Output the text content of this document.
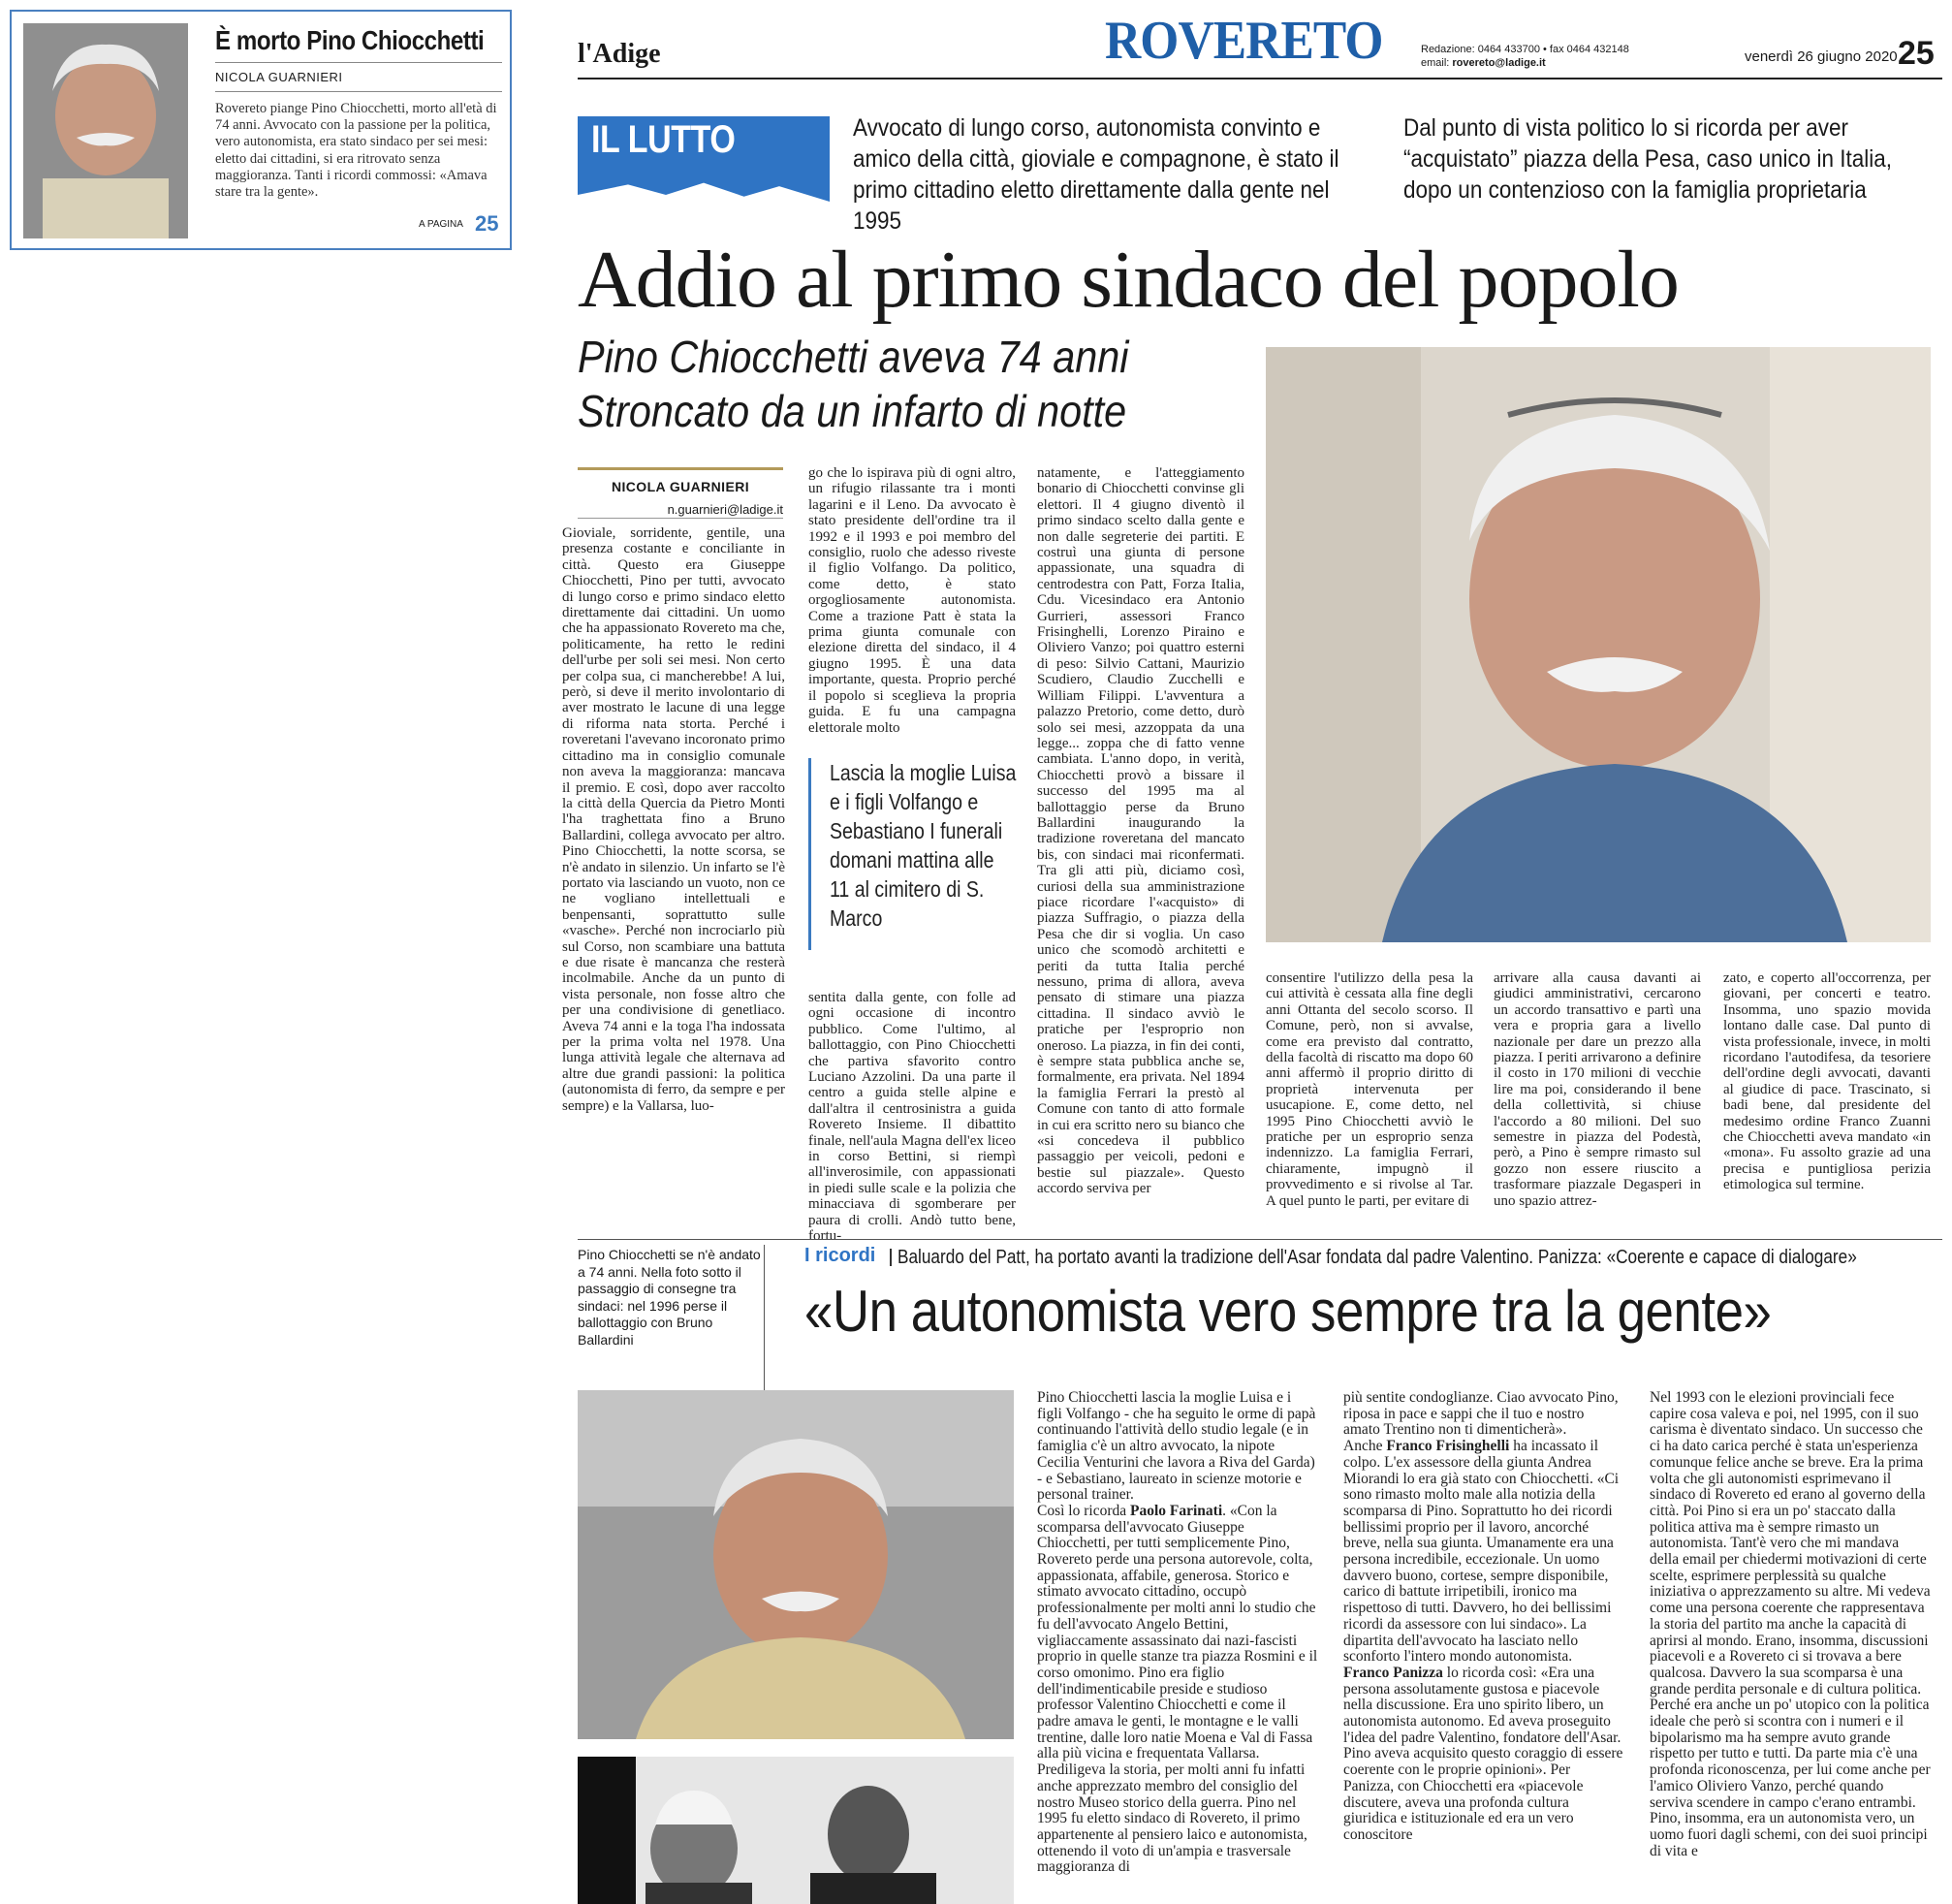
È morto Pino Chiocchetti
NICOLA GUARNIERI
Rovereto piange Pino Chiocchetti, morto all'età di 74 anni. Avvocato con la passione per la politica, vero autonomista, era stato sindaco per sei mesi: eletto dai cittadini, si era ritrovato senza maggioranza. Tanti i ricordi commossi: «Amava stare tra la gente».
A PAGINA 25
l'Adige	ROVERETO	Redazione: 0464 433700 • fax 0464 432148
email: rovereto@ladige.it	venerdì 26 giugno 2020 25
IL LUTTO	Avvocato di lungo corso, autonomista convinto e amico della città, gioviale e compagnone, è stato il primo cittadino eletto direttamente dalla gente nel 1995
Dal punto di vista politico lo si ricorda per aver “acquistato” piazza della Pesa, caso unico in Italia, dopo un contenzioso con la famiglia proprietaria
Addio al primo sindaco del popolo
Pino Chiocchetti aveva 74 anni
Stroncato da un infarto di notte
NICOLA GUARNIERI
n.guarnieri@ladige.it
Gioviale, sorridente, gentile, una presenza costante e conciliante in città. Questo era Giuseppe Chiocchetti, Pino per tutti, avvocato di lungo corso e primo sindaco eletto direttamente dai cittadini. Un uomo che ha appassionato Rovereto ma che, politicamente, ha retto le redini dell'urbe per soli sei mesi. Non certo per colpa sua, ci mancherebbe! A lui, però, si deve il merito involontario di aver mostrato le lacune di una legge di riforma nata storta. Perché i roveretani l'avevano incoronato primo cittadino ma in consiglio comunale non aveva la maggioranza: mancava il premio. E così, dopo aver raccolto la città della Quercia da Pietro Monti l'ha traghettata fino a Bruno Ballardini, collega avvocato per altro. Pino Chiocchetti, la notte scorsa, se n'è andato in silenzio. Un infarto se l'è portato via lasciando un vuoto, non ce ne vogliano intellettuali e benpensanti, soprattutto sulle «vasche». Perché non incrociarlo più sul Corso, non scambiare una battuta e due risate è mancanza che resterà incolmabile. Anche da un punto di vista personale, non fosse altro che per una condivisione di genetliaco. Aveva 74 anni e la toga l'ha indossata per la prima volta nel 1978. Una lunga attività legale che alternava ad altre due grandi passioni: la politica (autonomista di ferro, da sempre e per sempre) e la Vallarsa, luo-
go che lo ispirava più di ogni altro, un rifugio rilassante tra i monti lagarini e il Leno. Da avvocato è stato presidente dell'ordine tra il 1992 e il 1993 e poi membro del consiglio, ruolo che adesso riveste il figlio Volfango. Da politico, come detto, è stato orgogliosamente autonomista. Come a trazione Patt è stata la prima giunta comunale con elezione diretta del sindaco, il 4 giugno 1995. È una data importante, questa. Proprio perché il popolo si sceglieva la propria guida. E fu una campagna elettorale molto
Lascia la moglie Luisa e i figli Volfango e Sebastiano I funerali domani mattina alle 11 al cimitero di S. Marco
sentita dalla gente, con folle ad ogni occasione di incontro pubblico. Come l'ultimo, al ballottaggio, con Pino Chiocchetti che partiva sfavorito contro Luciano Azzolini. Da una parte il centro a guida stelle alpine e dall'altra il centrosinistra a guida Rovereto Insieme. Il dibattito finale, nell'aula Magna dell'ex liceo in corso Bettini, si riempì all'inverosimile, con appassionati in piedi sulle scale e la polizia che minacciava di sgomberare per paura di crolli. Andò tutto bene, fortu-
natamente, e l'atteggiamento bonario di Chiocchetti convinse gli elettori. Il 4 giugno diventò il primo sindaco scelto dalla gente e non dalle segreterie dei partiti. E costruì una giunta di persone appassionate, una squadra di centrodestra con Patt, Forza Italia, Cdu. Vicesindaco era Antonio Gurrieri, assessori Franco Frisinghelli, Lorenzo Piraino e Oliviero Vanzo; poi quattro esterni di peso: Silvio Cattani, Maurizio Scudiero, Claudio Zucchelli e William Filippi. L'avventura a palazzo Pretorio, come detto, durò solo sei mesi, azzoppata da una legge... zoppa che di fatto venne cambiata. L'anno dopo, in verità, Chiocchetti provò a bissare il successo del 1995 ma al ballottaggio perse da Bruno Ballardini inaugurando la tradizione roveretana del mancato bis, con sindaci mai riconfermati. Tra gli atti più, diciamo così, curiosi della sua amministrazione piace ricordare l'«acquisto» di piazza Suffragio, o piazza della Pesa che dir si voglia. Un caso unico che scomodò architetti e periti da tutta Italia perché nessuno, prima di allora, aveva pensato di stimare una piazza cittadina. Il sindaco avviò le pratiche per l'esproprio non oneroso. La piazza, in fin dei conti, è sempre stata pubblica anche se, formalmente, era privata. Nel 1894 la famiglia Ferrari la prestò al Comune con tanto di atto formale in cui era scritto nero su bianco che «si concedeva il pubblico passaggio per veicoli, pedoni e bestie sul piazzale». Questo accordo serviva per
consentire l'utilizzo della pesa la cui attività è cessata alla fine degli anni Ottanta del secolo scorso. Il Comune, però, non si avvalse, come era previsto dal contratto, della facoltà di riscatto ma dopo 60 anni affermò il proprio diritto di proprietà intervenuta per usucapione. E, come detto, nel 1995 Pino Chiocchetti avviò le pratiche per un esproprio senza indennizzo. La famiglia Ferrari, chiaramente, impugnò il provvedimento e si rivolse al Tar. A quel punto le parti, per evitare di
arrivare alla causa davanti ai giudici amministrativi, cercarono un accordo transattivo e partì una vera e propria gara a livello nazionale per dare un prezzo alla piazza. I periti arrivarono a definire il costo in 170 milioni di vecchie lire ma poi, considerando il bene della collettività, si chiuse l'accordo a 80 milioni. Del suo semestre in piazza del Podestà, però, a Pino è sempre rimasto sul gozzo non essere riuscito a trasformare piazzale Degasperi in uno spazio attrez-
zato, e coperto all'occorrenza, per giovani, per concerti e teatro. Insomma, uno spazio movida lontano dalle case. Dal punto di vista professionale, invece, in molti ricordano l'autodifesa, da tesoriere dell'ordine degli avvocati, davanti al giudice di pace. Trascinato, si badi bene, dal presidente del medesimo ordine Franco Zuanni che Chiocchetti aveva mandato «in «mona». Fu assolto grazie ad una precisa e puntigliosa perizia etimologica sul termine.
Pino Chiocchetti se n'è andato a 74 anni. Nella foto sotto il passaggio di consegne tra sindaci: nel 1996 perse il ballottaggio con Bruno Ballardini
I ricordi Baluardo del Patt, ha portato avanti la tradizione dell'Asar fondata dal padre Valentino. Panizza: «Coerente e capace di dialogare»
«Un autonomista vero sempre tra la gente»
Pino Chiocchetti lascia la moglie Luisa e i figli Volfango - che ha seguito le orme di papà continuando l'attività dello studio legale (e in famiglia c'è un altro avvocato, la nipote Cecilia Venturini che lavora a Riva del Garda) - e Sebastiano, laureato in scienze motorie e personal trainer.
Così lo ricorda Paolo Farinati. «Con la scomparsa dell'avvocato Giuseppe Chiocchetti, per tutti semplicemente Pino, Rovereto perde una persona autorevole, colta, appassionata, affabile, generosa. Storico e stimato avvocato cittadino, occupò professionalmente per molti anni lo studio che fu dell'avvocato Angelo Bettini, vigliaccamente assassinato dai nazi-fascisti proprio in quelle stanze tra piazza Rosmini e il corso omonimo. Pino era figlio dell'indimenticabile preside e studioso professor Valentino Chiocchetti e come il padre amava le genti, le montagne e le valli trentine, dalle loro natie Moena e Val di Fassa alla più vicina e frequentata Vallarsa. Prediligeva la storia, per molti anni fu infatti anche apprezzato membro del consiglio del nostro Museo storico della guerra. Pino nel 1995 fu eletto sindaco di Rovereto, il primo appartenente al pensiero laico e autonomista, ottenendo il voto di un'ampia e trasversale maggioranza di
più sentite condoglianze. Ciao avvocato Pino, riposa in pace e sappi che il tuo e nostro amato Trentino non ti dimenticherà».
Anche Franco Frisinghelli ha incassato il colpo. L'ex assessore della giunta Andrea Miorandi lo era già stato con Chiocchetti. «Ci sono rimasto molto male alla notizia della scomparsa di Pino. Soprattutto ho dei ricordi bellissimi proprio per il lavoro, ancorché breve, nella sua giunta. Umanamente era una persona incredibile, eccezionale. Un uomo davvero buono, cortese, sempre disponibile, carico di battute irripetibili, ironico ma rispettoso di tutti. Davvero, ho dei bellissimi ricordi da assessore con lui sindaco». La dipartita dell'avvocato ha lasciato nello sconforto l'intero mondo autonomista.
Franco Panizza lo ricorda così: «Era una persona assolutamente gustosa e piacevole nella discussione. Era uno spirito libero, un autonomista autonomo. Ed aveva proseguito l'idea del padre Valentino, fondatore dell'Asar. Pino aveva acquisito questo coraggio di essere coerente con le proprie opinioni». Per Panizza, con Chiocchetti era «piacevole discutere, aveva una profonda cultura giuridica e istituzionale ed era un vero conoscitore
Nel 1993 con le elezioni provinciali fece capire cosa valeva e poi, nel 1995, con il suo carisma è diventato sindaco. Un successo che ci ha dato carica perché è stata un'esperienza comunque felice anche se breve. Era la prima volta che gli autonomisti esprimevano il sindaco di Rovereto ed erano al governo della città. Poi Pino si era un po' staccato dalla politica attiva ma è sempre rimasto un autonomista. Tant'è vero che mi mandava della email per chiedermi motivazioni di certe scelte, esprimere perplessità su qualche iniziativa o apprezzamento su altre. Mi vedeva come una persona coerente che rappresentava la storia del partito ma anche la capacità di aprirsi al mondo. Erano, insomma, discussioni piacevoli e a Rovereto ci si trovava a bere qualcosa. Davvero la sua scomparsa è una grande perdita personale e di cultura politica. Perché era anche un po' utopico con la politica ideale che però si scontra con i numeri e il bipolarismo ma ha sempre avuto grande rispetto per tutto e tutti. Da parte mia c'è una profonda riconoscenza, per lui come anche per l'amico Oliviero Vanzo, perché quando serviva scendere in campo c'erano entrambi. Pino, insomma, era un autonomista vero, un uomo fuori dagli schemi, con dei suoi principi di vita e
